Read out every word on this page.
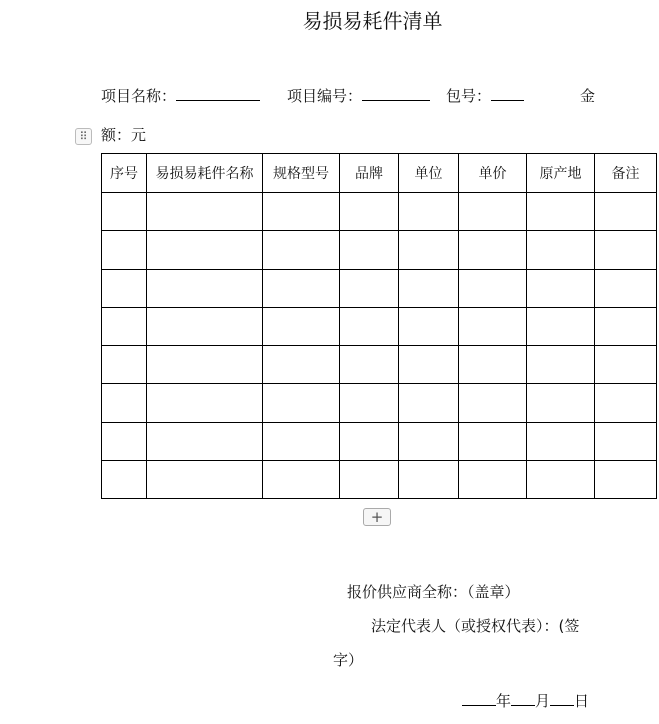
易损易耗件清单
项目名称：	项目编号：	包号：	金
⠿ 额：元
序号	易损易耗件名称	规格型号	品牌	单位	单价	原产地	备注

+
报价供应商全称：（盖章）
法定代表人（或授权代表）：(签
字）
年 月 日
